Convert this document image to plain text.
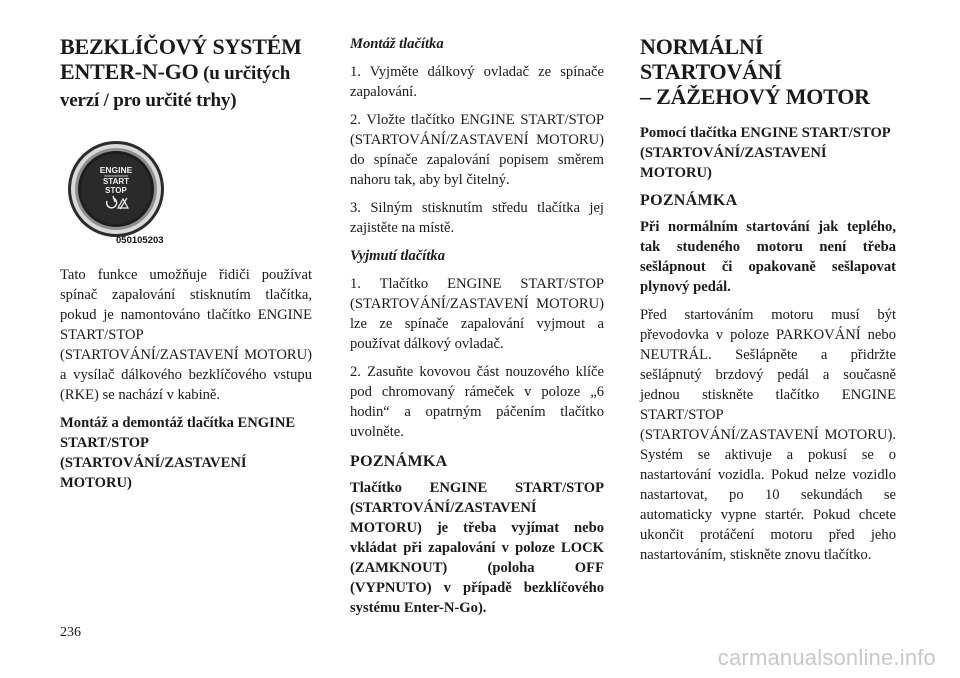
BEZKLÍČOVÝ SYSTÉM
ENTER-N-GO (u určitých
verzí / pro určité trhy)
ENGINE
START
STOP
050105203

Tato funkce umožňuje řidiči používat spínač zapalování stisknutím tlačítka, pokud je namontováno tlačítko ENGINE START/STOP (STARTOVÁNÍ/ZASTAVENÍ MOTORU) a vysílač dálkového bezklíčového vstupu (RKE) se nachází v kabině.

Montáž a demontáž tlačítka ENGINE START/STOP (STARTOVÁNÍ/ZASTAVENÍ MOTORU)

Montáž tlačítka

1. Vyjměte dálkový ovladač ze spínače zapalování.

2. Vložte tlačítko ENGINE START/STOP (STARTOVÁNÍ/ZASTAVENÍ MOTORU) do spínače zapalování popisem směrem nahoru tak, aby byl čitelný.

3. Silným stisknutím středu tlačítka jej zajistěte na místě.

Vyjmutí tlačítka

1. Tlačítko ENGINE START/STOP (STARTOVÁNÍ/ZASTAVENÍ MOTORU) lze ze spínače zapalování vyjmout a používat dálkový ovladač.

2. Zasuňte kovovou část nouzového klíče pod chromovaný rámeček v poloze „6 hodin“ a opatrným páčením tlačítko uvolněte.

POZNÁMKA

Tlačítko ENGINE START/STOP (STARTOVÁNÍ/ZASTAVENÍ MOTORU) je třeba vyjímat nebo vkládat při zapalování v poloze LOCK (ZAMKNOUT) (poloha OFF (VYPNUTO) v případě bezklíčového systému Enter-N-Go).

NORMÁLNÍ STARTOVÁNÍ
– ZÁŽEHOVÝ MOTOR

Pomocí tlačítka ENGINE START/STOP (STARTOVÁNÍ/ZASTAVENÍ MOTORU)

POZNÁMKA

Při normálním startování jak teplého, tak studeného motoru není třeba sešlápnout či opakovaně sešlapovat plynový pedál.

Před startováním motoru musí být převodovka v poloze PARKOVÁNÍ nebo NEUTRÁL. Sešlápněte a přidržte sešlápnutý brzdový pedál a současně jednou stiskněte tlačítko ENGINE START/STOP (STARTOVÁNÍ/ZASTAVENÍ MOTORU). Systém se aktivuje a pokusí se o nastartování vozidla. Pokud nelze vozidlo nastartovat, po 10 sekundách se automaticky vypne startér. Pokud chcete ukončit protáčení motoru před jeho nastartováním, stiskněte znovu tlačítko.

236
carmanualsonline.info
